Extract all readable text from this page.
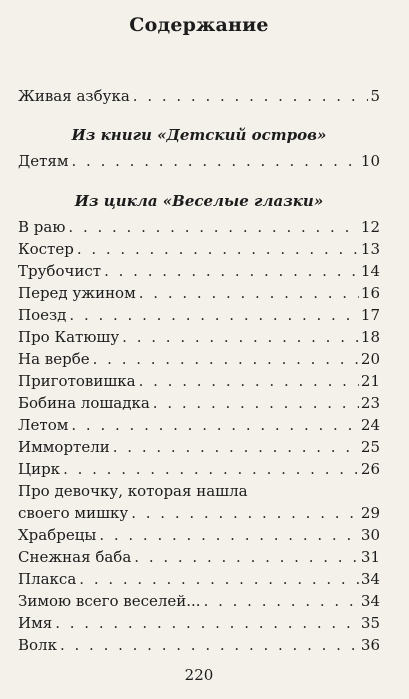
Содержание
Живая азбука . . .	5
Из книги «Детский остров»
Детям . . .	10
Из цикла «Веселые глазки»
В раю . . .	12
Костер . . .	13
Трубочист . . .	14
Перед ужином . . .	16
Поезд . . .	17
Про Катюшу . . .	18
На вербе . . .	20
Приготовишка . . .	21
Бобина лошадка . . .	23
Летом . . .	24
Иммортели . . .	25
Цирк . . .	26
Про девочку, которая нашла
своего мишку . . .	29
Храбрецы . . .	30
Снежная баба . . .	31
Плакса . . .	34
Зимою всего веселей... . . .	34
Имя . . .	35
Волк . . .	36
220
